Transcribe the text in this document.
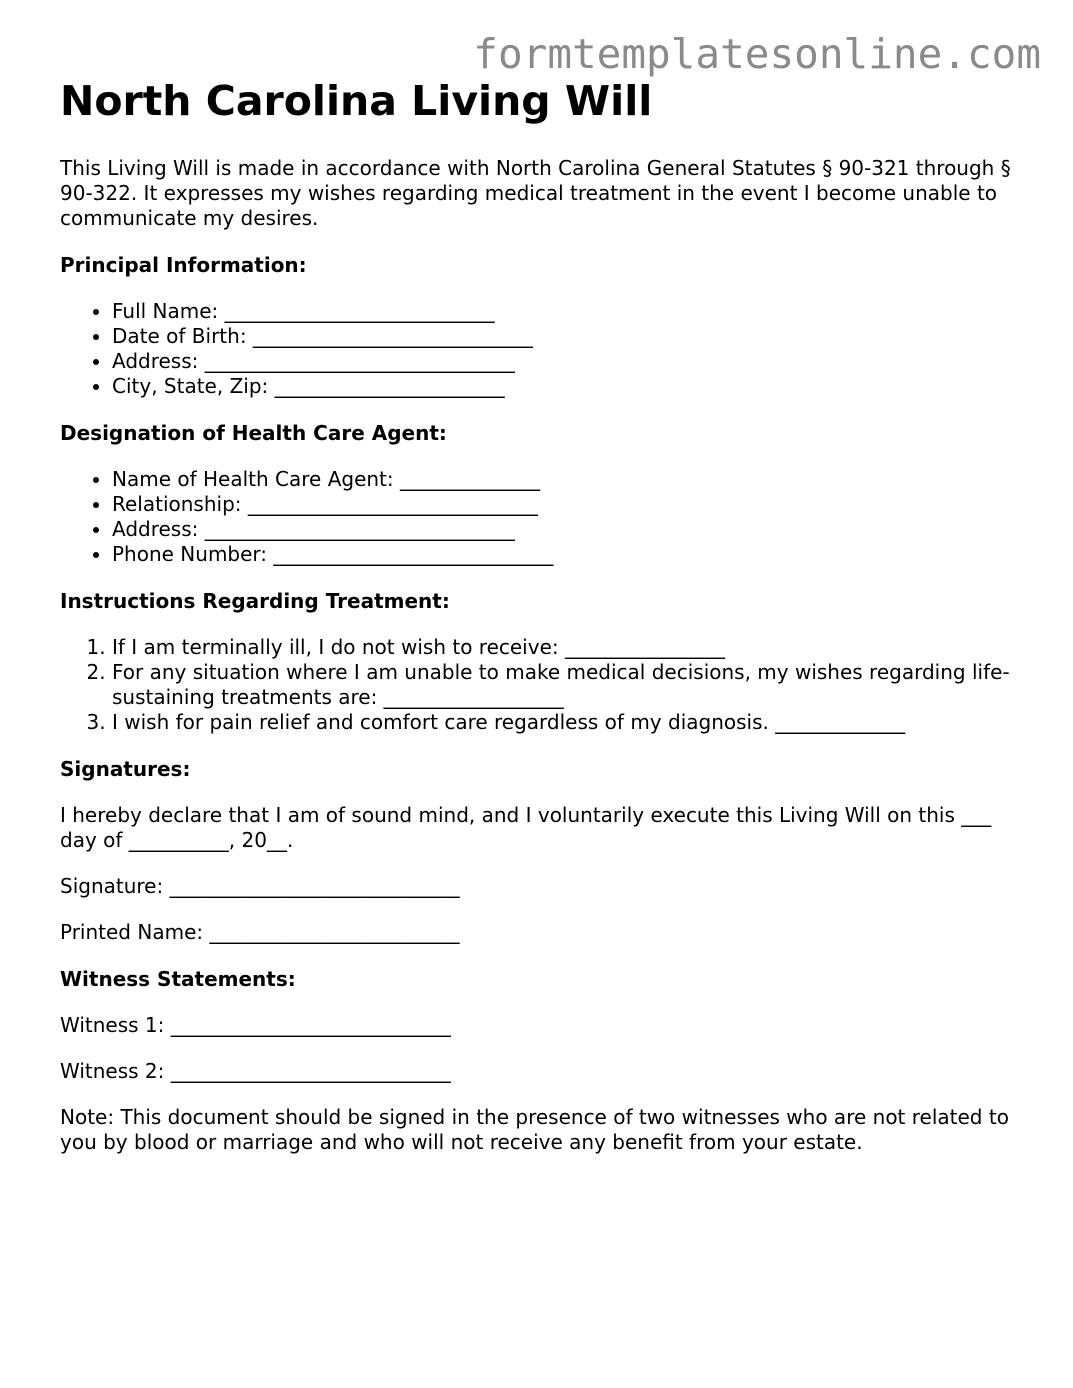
formtemplatesonline.com
North Carolina Living Will

This Living Will is made in accordance with North Carolina General Statutes § 90-321 through § 90-322. It expresses my wishes regarding medical treatment in the event I become unable to communicate my desires.

Principal Information:
• Full Name: ___________________________
• Date of Birth: ____________________________
• Address: _______________________________
• City, State, Zip: _______________________
Designation of Health Care Agent:
• Name of Health Care Agent: ______________
• Relationship: _____________________________
• Address: _______________________________
• Phone Number: ____________________________
Instructions Regarding Treatment:
1. If I am terminally ill, I do not wish to receive: ________________
2. For any situation where I am unable to make medical decisions, my wishes regarding life-sustaining treatments are: __________________
3. I wish for pain relief and comfort care regardless of my diagnosis. _____________
Signatures:

I hereby declare that I am of sound mind, and I voluntarily execute this Living Will on this ___ day of __________, 20__.

Signature: _____________________________

Printed Name: _________________________

Witness Statements:

Witness 1: ____________________________

Witness 2: ____________________________

Note: This document should be signed in the presence of two witnesses who are not related to you by blood or marriage and who will not receive any benefit from your estate.
